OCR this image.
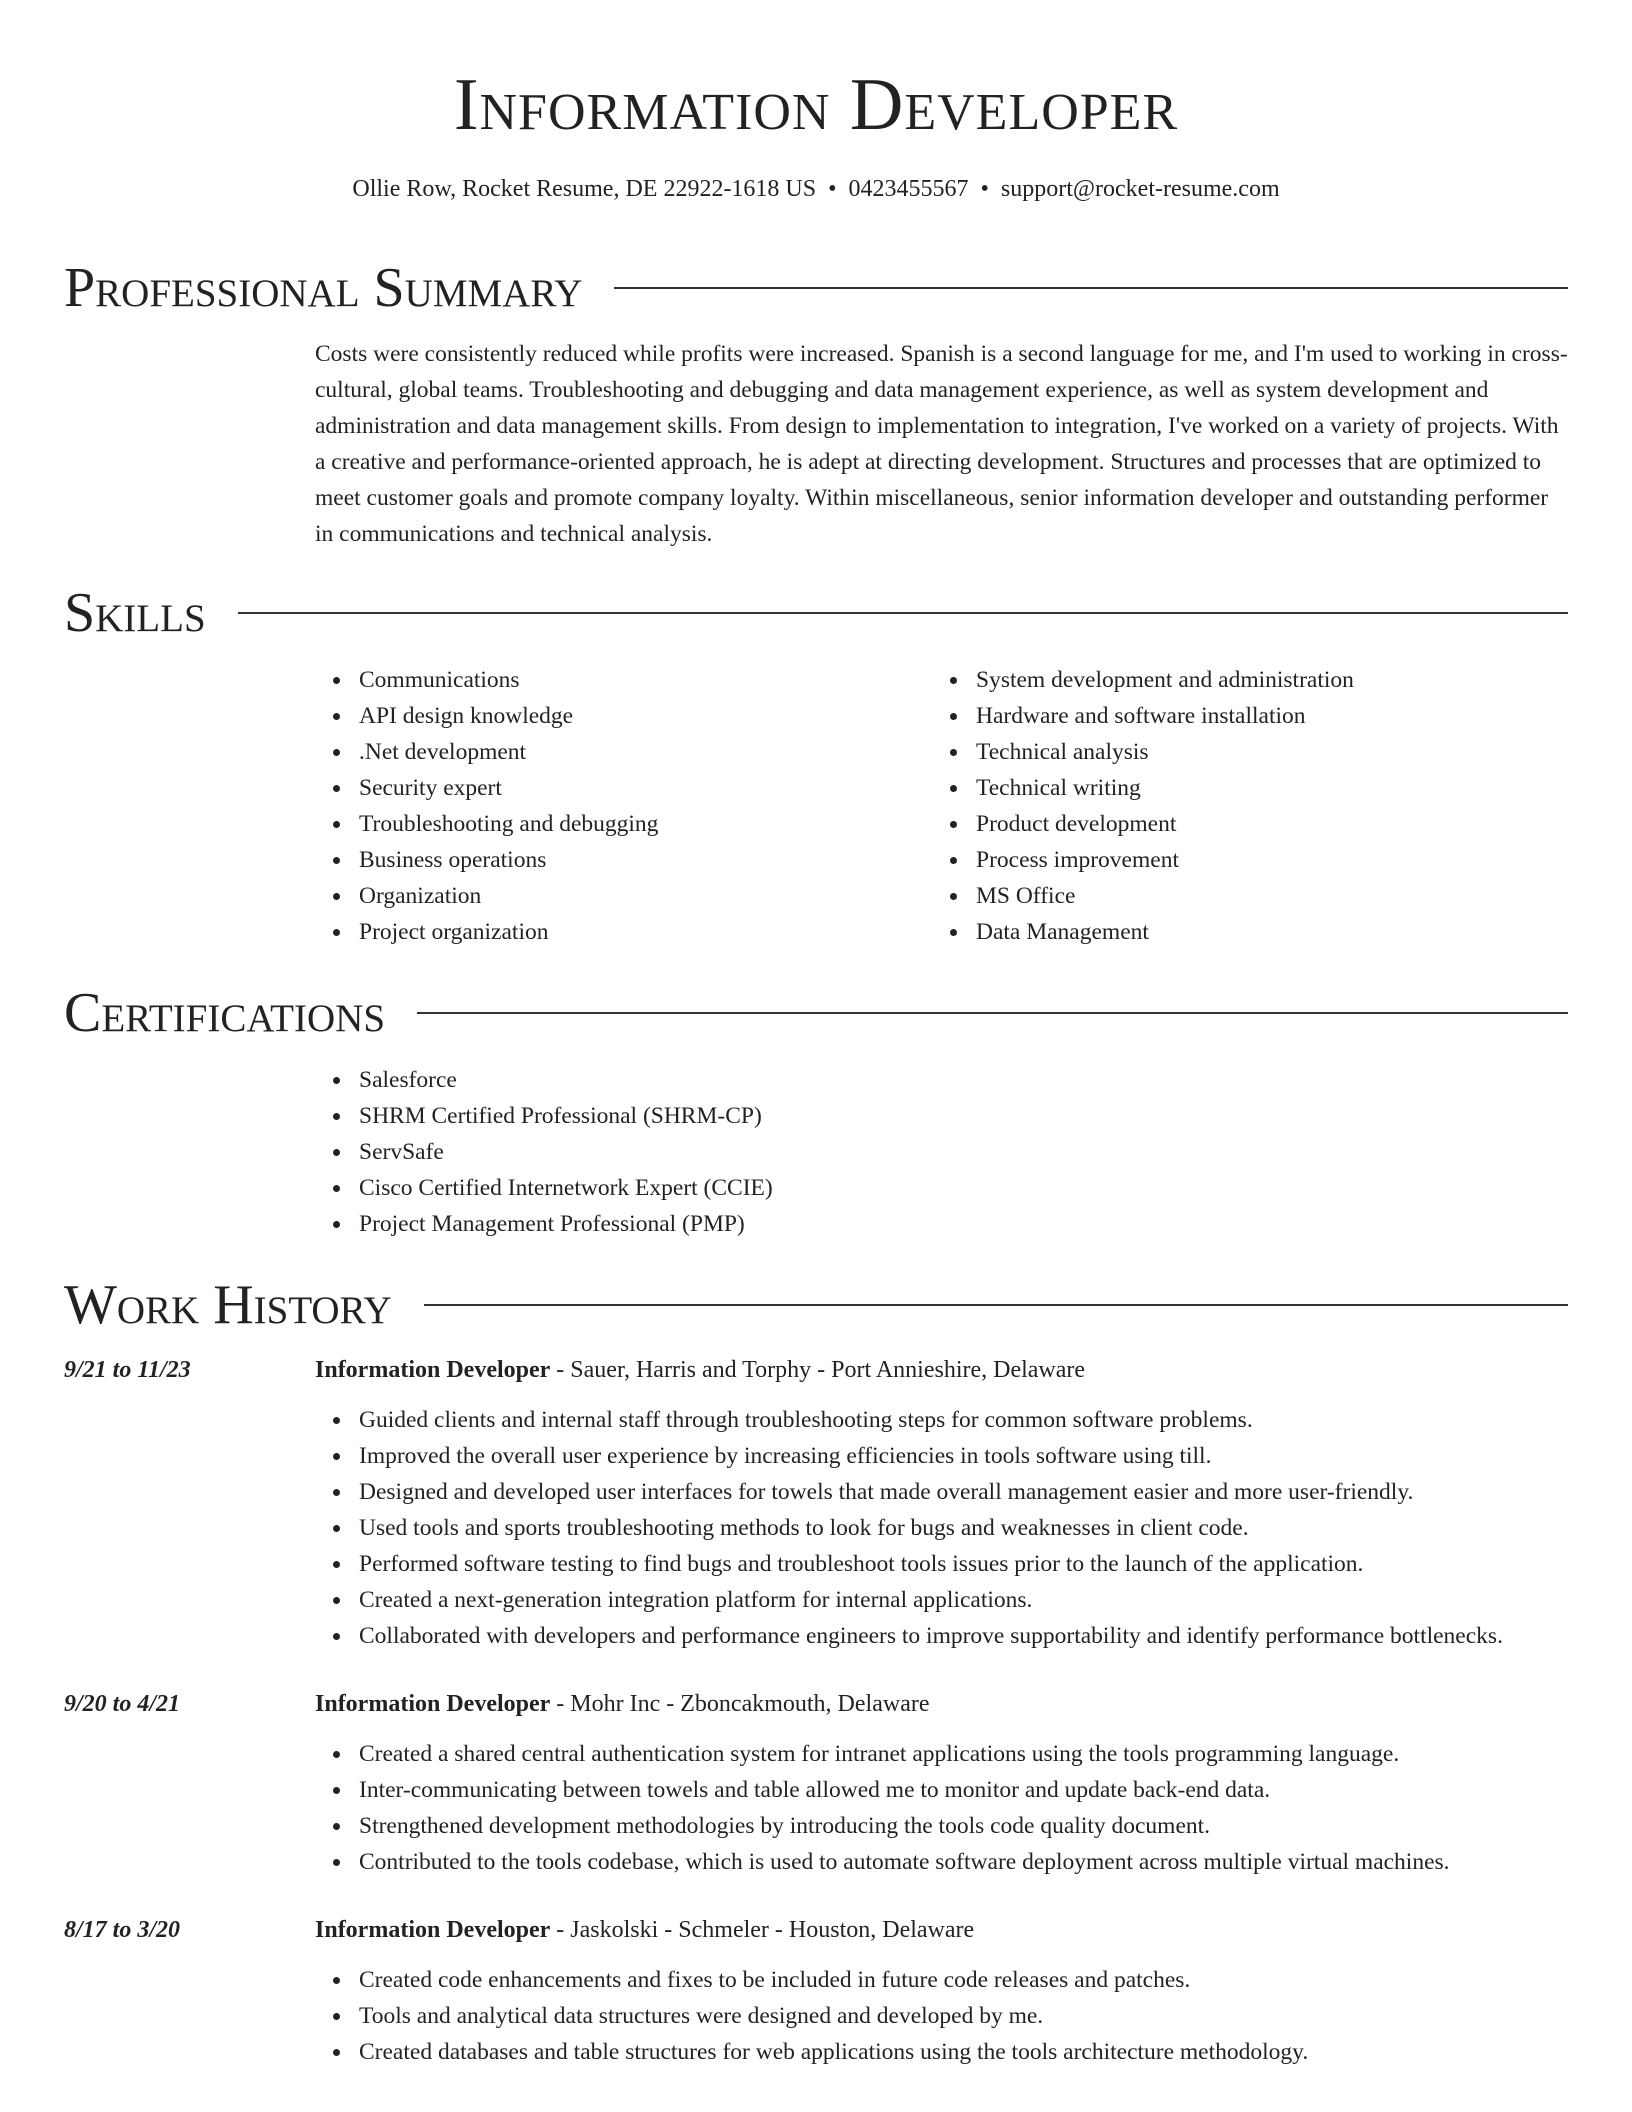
Information Developer
Ollie Row, Rocket Resume, DE 22922-1618 US • 0423455567 • support@rocket-resume.com
Professional Summary

Costs were consistently reduced while profits were increased. Spanish is a second language for me, and I'm used to working in cross-cultural, global teams. Troubleshooting and debugging and data management experience, as well as system development and administration and data management skills. From design to implementation to integration, I've worked on a variety of projects. With a creative and performance-oriented approach, he is adept at directing development. Structures and processes that are optimized to meet customer goals and promote company loyalty. Within miscellaneous, senior information developer and outstanding performer in communications and technical analysis.

Skills
Communications
API design knowledge
.Net development
Security expert
Troubleshooting and debugging
Business operations
Organization
Project organization
System development and administration
Hardware and software installation
Technical analysis
Technical writing
Product development
Process improvement
MS Office
Data Management
Certifications
Salesforce
SHRM Certified Professional (SHRM-CP)
ServSafe
Cisco Certified Internetwork Expert (CCIE)
Project Management Professional (PMP)
Work History
9/21 to 11/23	Information Developer - Sauer, Harris and Torphy - Port Annieshire, Delaware

Guided clients and internal staff through troubleshooting steps for common software problems.
Improved the overall user experience by increasing efficiencies in tools software using till.
Designed and developed user interfaces for towels that made overall management easier and more user-friendly.
Used tools and sports troubleshooting methods to look for bugs and weaknesses in client code.
Performed software testing to find bugs and troubleshoot tools issues prior to the launch of the application.
Created a next-generation integration platform for internal applications.
Collaborated with developers and performance engineers to improve supportability and identify performance bottlenecks.
9/20 to 4/21	Information Developer - Mohr Inc - Zboncakmouth, Delaware

Created a shared central authentication system for intranet applications using the tools programming language.
Inter-communicating between towels and table allowed me to monitor and update back-end data.
Strengthened development methodologies by introducing the tools code quality document.
Contributed to the tools codebase, which is used to automate software deployment across multiple virtual machines.
8/17 to 3/20	Information Developer - Jaskolski - Schmeler - Houston, Delaware

Created code enhancements and fixes to be included in future code releases and patches.
Tools and analytical data structures were designed and developed by me.
Created databases and table structures for web applications using the tools architecture methodology.
